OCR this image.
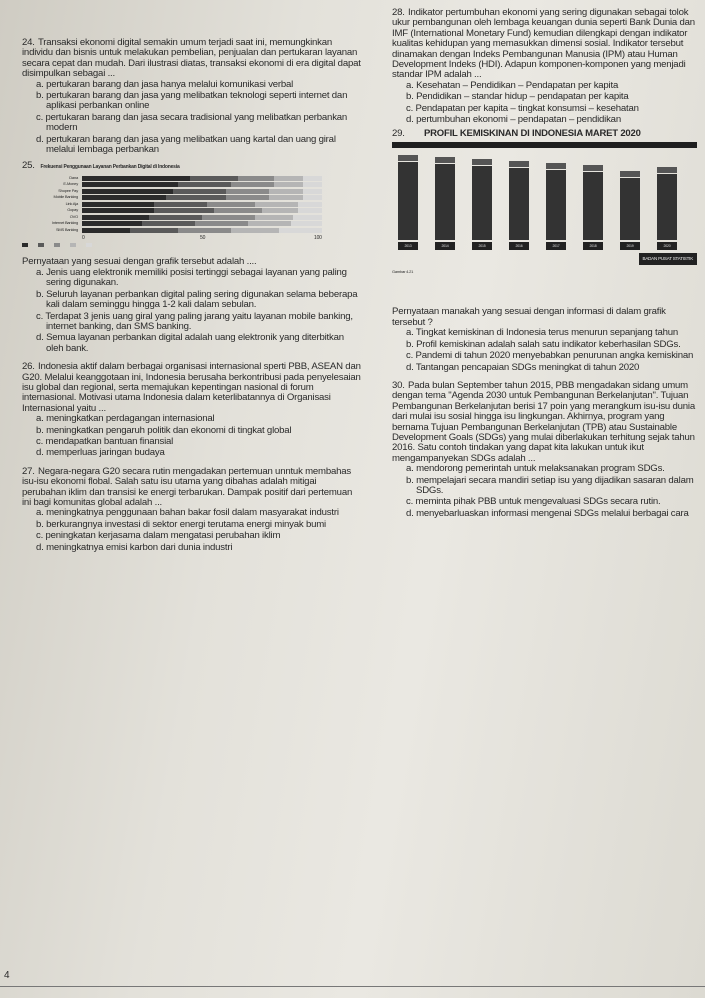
24. Transaksi ekonomi digital semakin umum terjadi saat ini, memungkinkan individu dan bisnis untuk melakukan pembelian, penjualan dan pertukaran layanan secara cepat dan mudah. Dari ilustrasi diatas, transaksi ekonomi di era digital dapat disimpulkan sebagai ...
a. pertukaran barang dan jasa hanya melalui komunikasi verbal
b. pertukaran barang dan jasa yang melibatkan teknologi seperti internet dan aplikasi perbankan online
c. pertukaran barang dan jasa secara tradisional yang melibatkan perbankan modern
d. pertukaran barang dan jasa yang melibatkan uang kartal dan uang giral melalui lembaga perbankan
25. Frekuensi Penggunaan Layanan Perbankan Digital di Indonesia
Dana
E-Money
Shopee Pay
Mobile Banking
Link Aja
Gopay
OVO
Internet Banking
SMS Banking
0	50	100
Pernyataan yang sesuai dengan grafik tersebut adalah ....
a. Jenis uang elektronik memiliki posisi tertinggi sebagai layanan yang paling sering digunakan.
b. Seluruh layanan perbankan digital paling sering digunakan selama beberapa kali dalam seminggu hingga 1-2 kali dalam sebulan.
c. Terdapat 3 jenis uang giral yang paling jarang yaitu layanan mobile banking, internet banking, dan SMS banking.
d. Semua layanan perbankan digital adalah uang elektronik yang diterbitkan oleh bank.
26. Indonesia aktif dalam berbagai organisasi internasional sperti PBB, ASEAN dan G20. Melalui keanggotaan ini, Indonesia berusaha berkontribusi pada penyelesaian isu global dan regional, serta memajukan kepentingan nasional di forum internasional. Motivasi utama Indonesia dalam keterlibatannya di Organisasi Internasional yaitu ...
a. meningkatkan perdagangan internasional
b. meningkatkan pengaruh politik dan ekonomi di tingkat global
c. mendapatkan bantuan finansial
d. memperluas jaringan budaya
27. Negara-negara G20 secara rutin mengadakan pertemuan unntuk membahas isu-isu ekonomi flobal. Salah satu isu utama yang dibahas adalah mitigai perubahan iklim dan transisi ke energi terbarukan. Dampak positif dari pertemuan ini bagi komunitas global adalah ...
a. meningkatnya penggunaan bahan bakar fosil dalam masyarakat industri
b. berkurangnya investasi di sektor energi terutama energi minyak bumi
c. peningkatan kerjasama dalam mengatasi perubahan iklim
d. meningkatnya emisi karbon dari dunia industri
28. Indikator pertumbuhan ekonomi yang sering digunakan sebagai tolok ukur pembangunan oleh lembaga keuangan dunia seperti Bank Dunia dan IMF (International Monetary Fund) kemudian dilengkapi dengan indikator kualitas kehidupan yang memasukkan dimensi sosial. Indikator tersebut dinamakan dengan Indeks Pembangunan Manusia (IPM) atau Human Development Indeks (HDI). Adapun komponen-komponen yang menjadi standar IPM adalah ...
a. Kesehatan – Pendidikan – Pendapatan per kapita
b. Pendidikan – standar hidup – pendapatan per kapita
c. Pendapatan per kapita – tingkat konsumsi – kesehatan
d. pertumbuhan ekonomi – pendapatan – pendidikan
29. PROFIL KEMISKINAN DI INDONESIA MARET 2020
2013	2014	2015	2016	2017	2018	2019	2020
BADAN PUSAT STATISTIK
Gambar 4.21
Pernyataan manakah yang sesuai dengan informasi di dalam grafik tersebut ?
a. Tingkat kemiskinan di Indonesia terus menurun sepanjang tahun
b. Profil kemiskinan adalah salah satu indikator keberhasilan SDGs.
c. Pandemi di tahun 2020 menyebabkan penurunan angka kemiskinan
d. Tantangan pencapaian SDGs meningkat di tahun 2020
30. Pada bulan September tahun 2015, PBB mengadakan sidang umum dengan tema "Agenda 2030 untuk Pembangunan Berkelanjutan". Tujuan Pembangunan Berkelanjutan berisi 17 poin yang merangkum isu-isu dunia dari mulai isu sosial hingga isu lingkungan. Akhirnya, program yang bernama Tujuan Pembangunan Berkelanjutan (TPB) atau Sustainable Development Goals (SDGs) yang mulai diberlakukan terhitung sejak tahun 2016. Satu contoh tindakan yang dapat kita lakukan untuk ikut mengampanyekan SDGs adalah ...
a. mendorong pemerintah untuk melaksanakan program SDGs.
b. mempelajari secara mandiri setiap isu yang dijadikan sasaran dalam SDGs.
c. meminta pihak PBB untuk mengevaluasi SDGs secara rutin.
d. menyebarluaskan informasi mengenai SDGs melalui berbagai cara
4
